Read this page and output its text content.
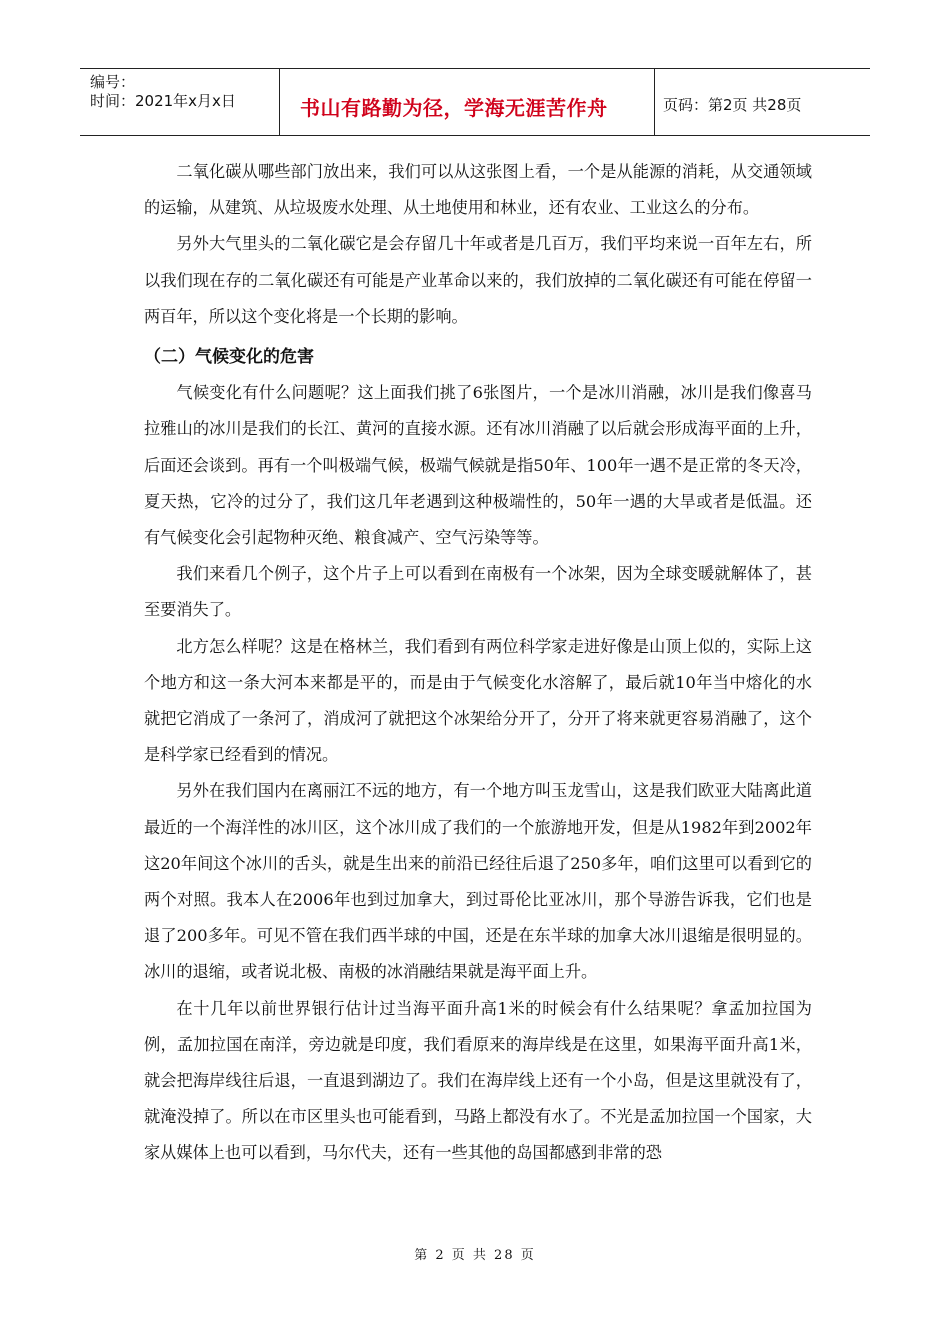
编号：
时间：2021年x月x日	书山有路勤为径，学海无涯苦作舟	页码：第2页 共28页

二氧化碳从哪些部门放出来，我们可以从这张图上看，一个是从能源的消耗，从交通领域的运输，从建筑、从垃圾废水处理、从土地使用和林业，还有农业、工业这么的分布。

另外大气里头的二氧化碳它是会存留几十年或者是几百万，我们平均来说一百年左右，所以我们现在存的二氧化碳还有可能是产业革命以来的，我们放掉的二氧化碳还有可能在停留一两百年，所以这个变化将是一个长期的影响。

（二）气候变化的危害

气候变化有什么问题呢？这上面我们挑了6张图片，一个是冰川消融，冰川是我们像喜马拉雅山的冰川是我们的长江、黄河的直接水源。还有冰川消融了以后就会形成海平面的上升，后面还会谈到。再有一个叫极端气候，极端气候就是指50年、100年一遇不是正常的冬天冷，夏天热，它冷的过分了，我们这几年老遇到这种极端性的，50年一遇的大旱或者是低温。还有气候变化会引起物种灭绝、粮食减产、空气污染等等。

我们来看几个例子，这个片子上可以看到在南极有一个冰架，因为全球变暖就解体了，甚至要消失了。

北方怎么样呢？这是在格林兰，我们看到有两位科学家走进好像是山顶上似的，实际上这个地方和这一条大河本来都是平的，而是由于气候变化水溶解了，最后就10年当中熔化的水就把它消成了一条河了，消成河了就把这个冰架给分开了，分开了将来就更容易消融了，这个是科学家已经看到的情况。

另外在我们国内在离丽江不远的地方，有一个地方叫玉龙雪山，这是我们欧亚大陆离此道最近的一个海洋性的冰川区，这个冰川成了我们的一个旅游地开发，但是从1982年到2002年这20年间这个冰川的舌头，就是生出来的前沿已经往后退了250多年，咱们这里可以看到它的两个对照。我本人在2006年也到过加拿大，到过哥伦比亚冰川，那个导游告诉我，它们也是退了200多年。可见不管在我们西半球的中国，还是在东半球的加拿大冰川退缩是很明显的。冰川的退缩，或者说北极、南极的冰消融结果就是海平面上升。

在十几年以前世界银行估计过当海平面升高1米的时候会有什么结果呢？拿孟加拉国为例，孟加拉国在南洋，旁边就是印度，我们看原来的海岸线是在这里，如果海平面升高1米，就会把海岸线往后退，一直退到湖边了。我们在海岸线上还有一个小岛，但是这里就没有了，就淹没掉了。所以在市区里头也可能看到，马路上都没有水了。不光是孟加拉国一个国家，大家从媒体上也可以看到，马尔代夫，还有一些其他的岛国都感到非常的恐

第 2 页 共 28 页
